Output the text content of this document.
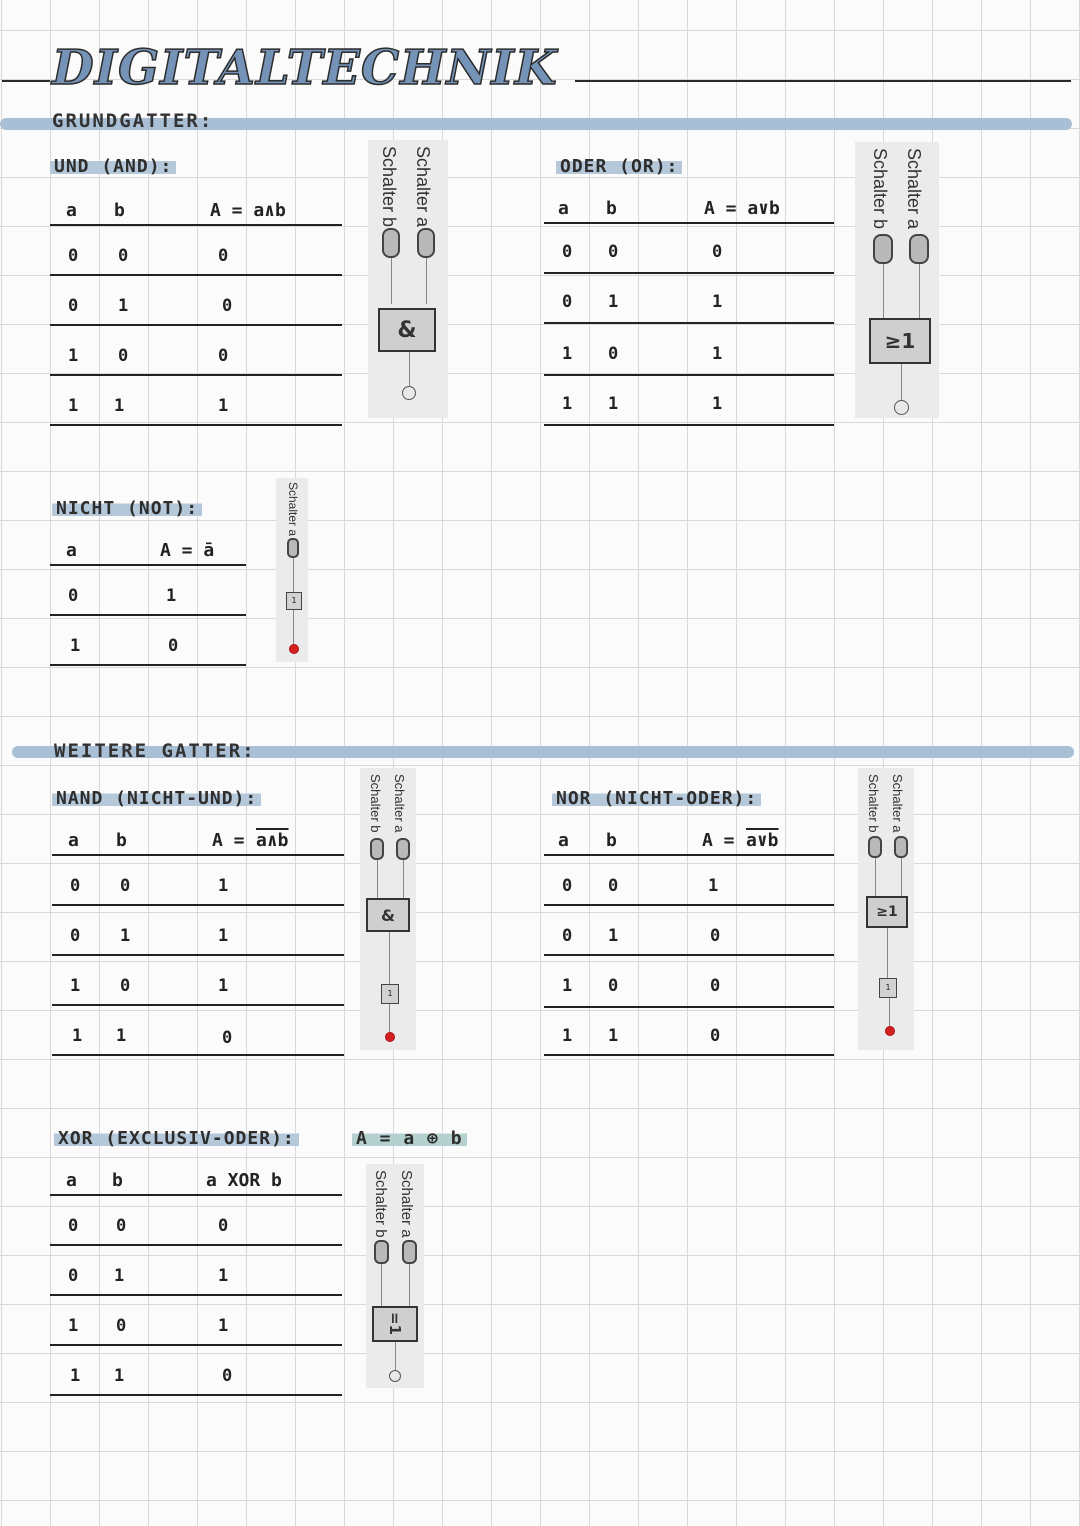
DIGITALTECHNIK
GRUNDGATTER:
UND (AND):
a b	A = a∧b
0 0	0
0 1	0
1 0	0
1 1	1
Schalter a
Schalter b
&
ODER (OR):
a b	A = a∨b
0 0	0
0 1	1
1 0	1
1 1	1
Schalter a
Schalter b
≥1
NICHT (NOT):
a	A = ā
0	1
1	0
Schalter a
1
WEITERE GATTER:
NAND (NICHT-UND):
a b	A = a∧b
0 0	1
0 1	1
1 0	1
1 1	0
Schalter a
Schalter b
&
1
NOR (NICHT-ODER):
a b	A = a∨b
0 0	1
0 1	0
1 0	0
1 1	0
Schalter a
Schalter b
≥1
1
XOR (EXCLUSIV-ODER):	A = a ⊕ b
a b	a XOR b
0 0	0
0 1	1
1 0	1
1 1	0
Schalter a
Schalter b
=1
